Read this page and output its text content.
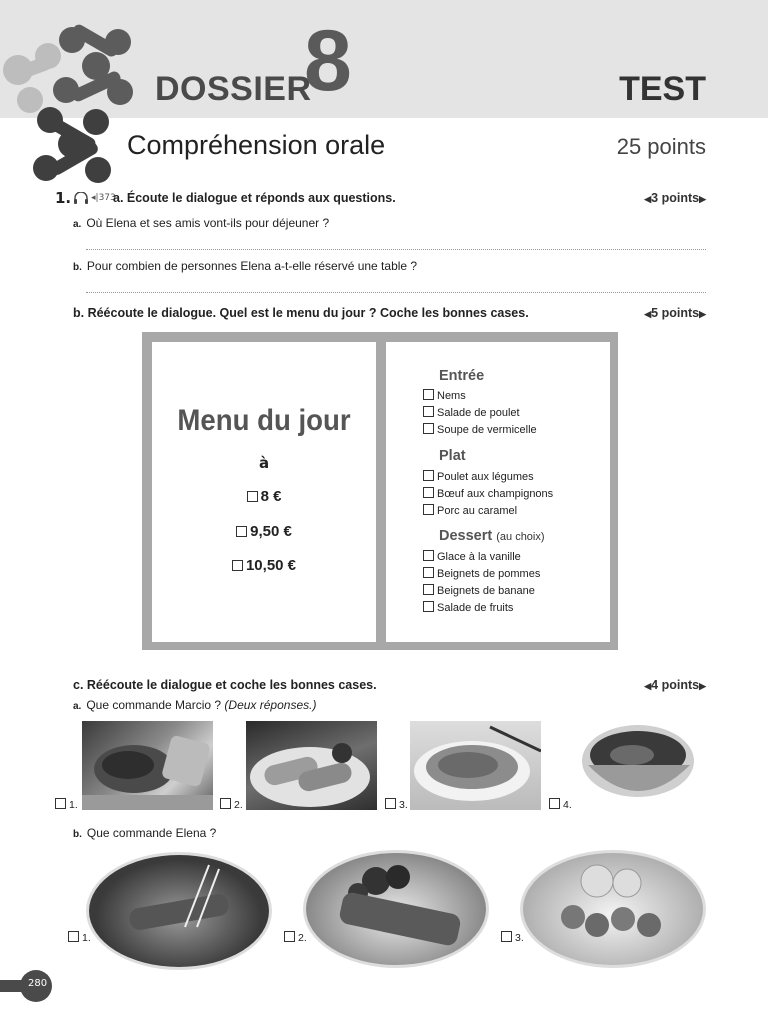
DOSSIER
8	TEST
Compréhension orale	25 points
1. ◂|373
a. Écoute le dialogue et réponds aux questions.	◀3 points▶
a. Où Elena et ses amis vont-ils pour déjeuner ?
b. Pour combien de personnes Elena a-t-elle réservé une table ?
b. Réécoute le dialogue. Quel est le menu du jour ? Coche les bonnes cases.	◀5 points▶
Menu du jour
à
8 €
9,50 €
10,50 €
Entrée
Nems
Salade de poulet
Soupe de vermicelle
Plat
Poulet aux légumes
Bœuf aux champignons
Porc au caramel
Dessert (au choix)
Glace à la vanille
Beignets de pommes
Beignets de banane
Salade de fruits
c. Réécoute le dialogue et coche les bonnes cases.	◀4 points▶
a. Que commande Marcio ? (Deux réponses.)
1.	2.	3.	4.
b. Que commande Elena ?
1.	2.	3.
280
